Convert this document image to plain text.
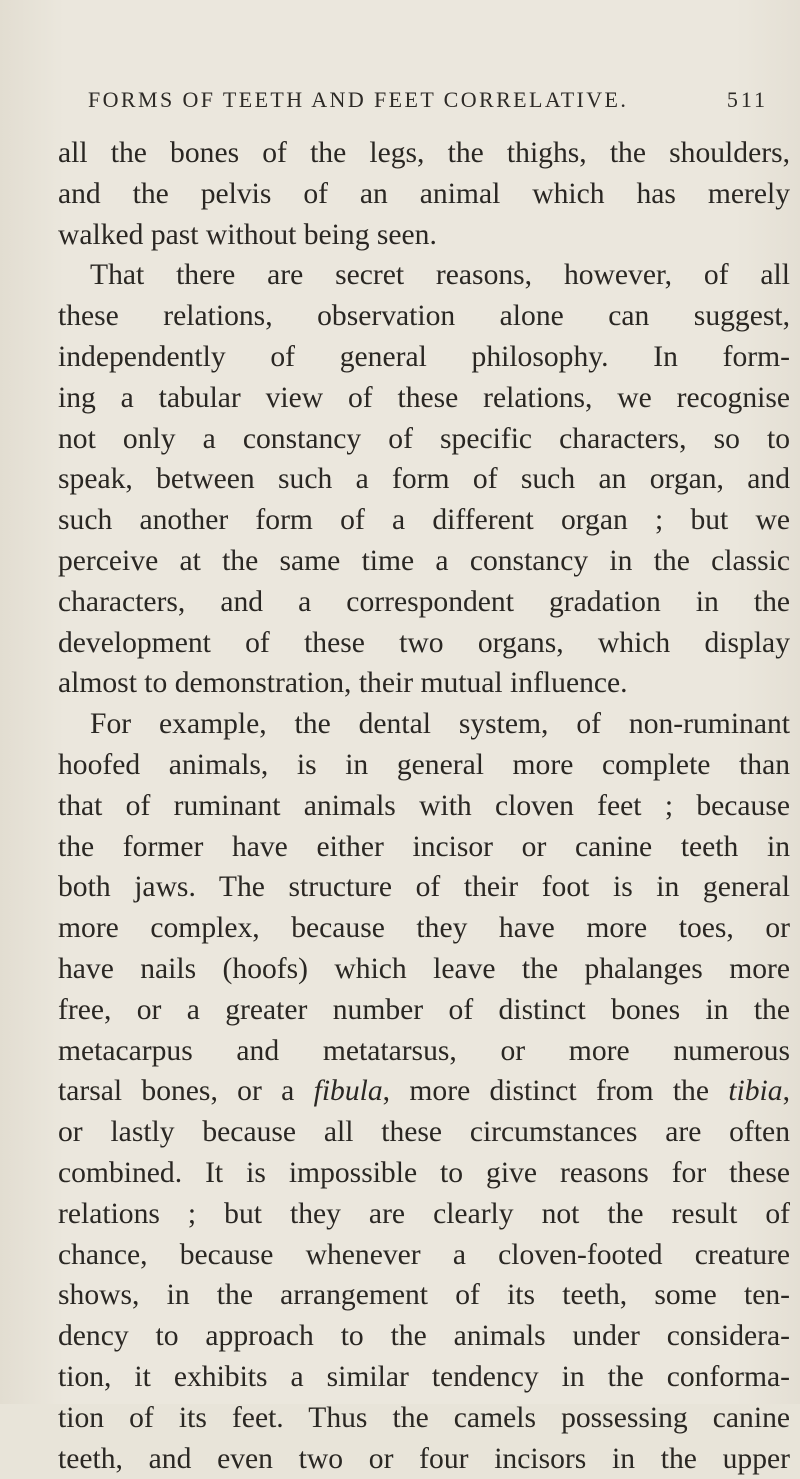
FORMS OF TEETH AND FEET CORRELATIVE.	511
all the bones of the legs, the thighs, the shoulders,
and the pelvis of an animal which has merely
walked past without being seen.
That there are secret reasons, however, of all
these relations, observation alone can suggest,
independently of general philosophy. In form-
ing a tabular view of these relations, we recognise
not only a constancy of specific characters, so to
speak, between such a form of such an organ, and
such another form of a different organ ; but we
perceive at the same time a constancy in the classic
characters, and a correspondent gradation in the
development of these two organs, which display
almost to demonstration, their mutual influence.
For example, the dental system, of non-ruminant
hoofed animals, is in general more complete than
that of ruminant animals with cloven feet ; because
the former have either incisor or canine teeth in
both jaws. The structure of their foot is in general
more complex, because they have more toes, or
have nails (hoofs) which leave the phalanges more
free, or a greater number of distinct bones in the
metacarpus and metatarsus, or more numerous
tarsal bones, or a fibula, more distinct from the tibia,
or lastly because all these circumstances are often
combined. It is impossible to give reasons for these
relations ; but they are clearly not the result of
chance, because whenever a cloven-footed creature
shows, in the arrangement of its teeth, some ten-
dency to approach to the animals under considera-
tion, it exhibits a similar tendency in the conforma-
tion of its feet. Thus the camels possessing canine
teeth, and even two or four incisors in the upper
